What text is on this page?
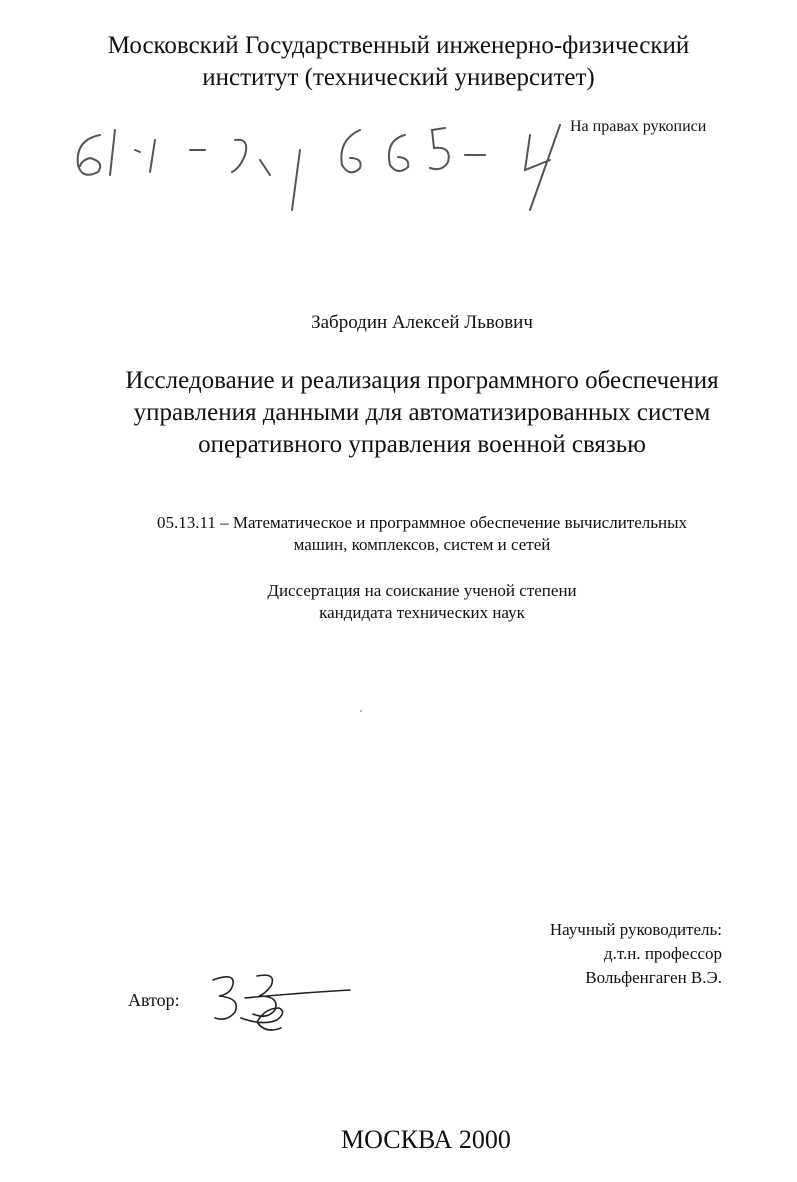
Московский Государственный инженерно-физический
институт (технический университет)
На правах рукописи
Забродин Алексей Львович
Исследование и реализация программного обеспечения
управления данными для автоматизированных систем
оперативного управления военной связью
05.13.11 – Математическое и программное обеспечение вычислительных
машин, комплексов, систем и сетей
Диссертация на соискание ученой степени
кандидата технических наук
Научный руководитель:
д.т.н. профессор
Вольфенгаген В.Э.
Автор:
МОСКВА 2000
